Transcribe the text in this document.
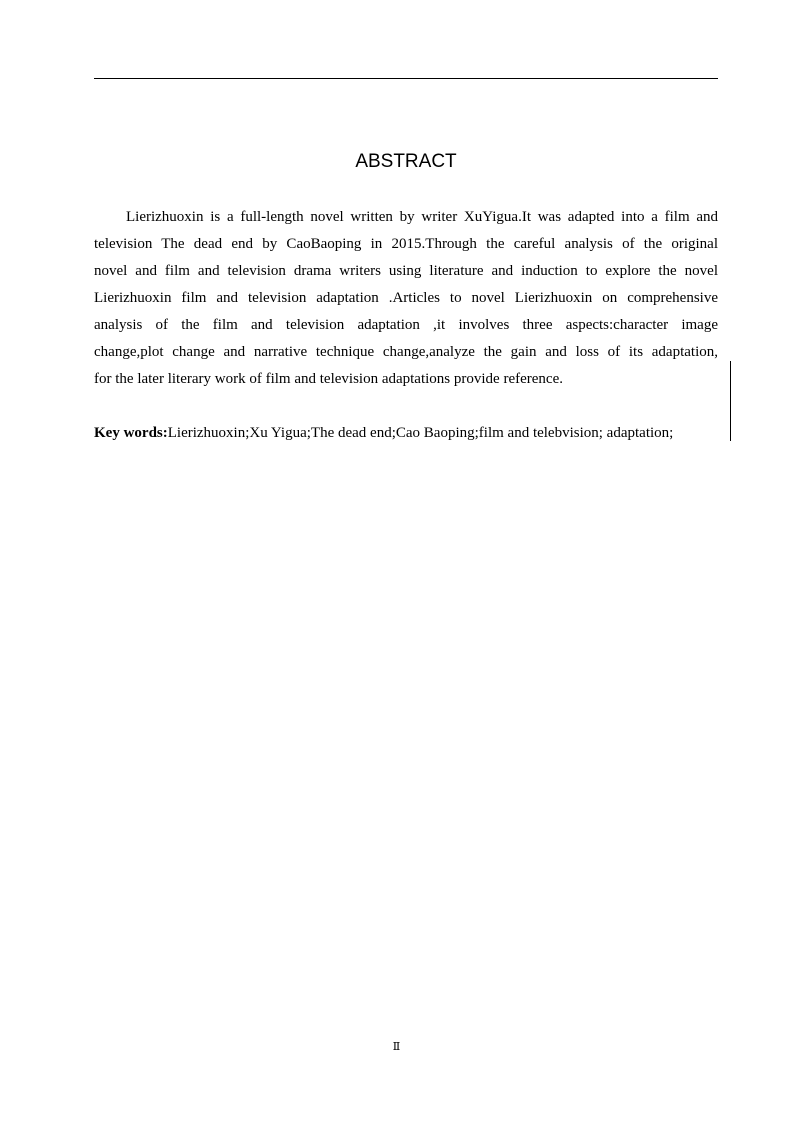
ABSTRACT
Lierizhuoxin is a full-length novel written by writer XuYigua.It was adapted into a film and
television The dead end by CaoBaoping in 2015.Through the careful analysis of the original
novel and film and television drama writers using literature and induction to explore the novel
Lierizhuoxin film and television adaptation .Articles to novel Lierizhuoxin on comprehensive
analysis of the film and television adaptation ,it involves three aspects:character image
change,plot change and narrative technique change,analyze the gain and loss of its adaptation,
for the later literary work of film and television adaptations provide reference.

Key words:Lierizhuoxin;Xu Yigua;The dead end;Cao Baoping;film and telebvision; adaptation;

Ⅱ
